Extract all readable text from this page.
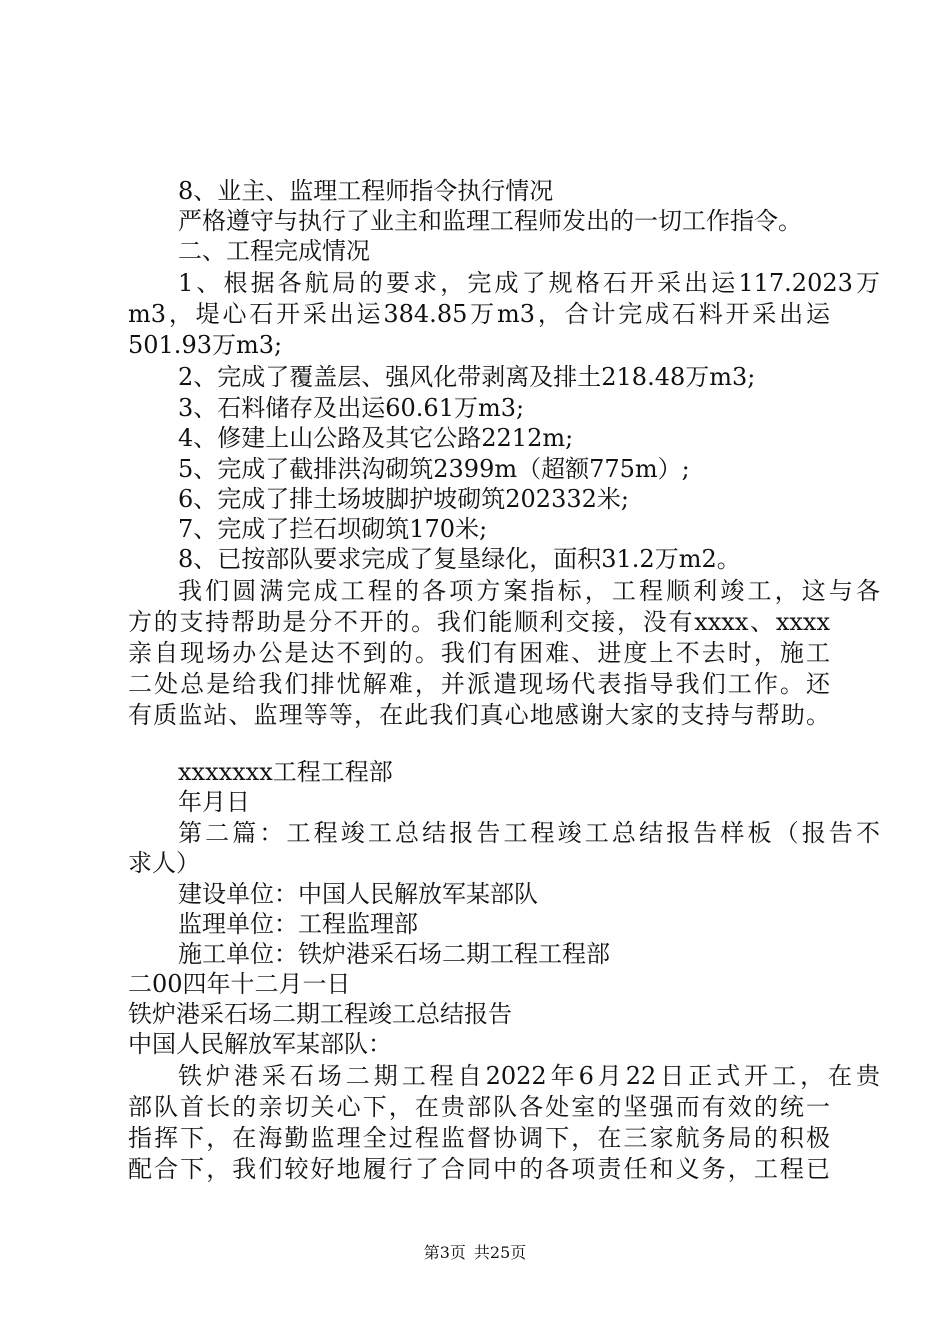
8、业主、监理工程师指令执行情况
严格遵守与执行了业主和监理工程师发出的一切工作指令。
二、工程完成情况
1、根据各航局的要求，完成了规格石开采出运117.2023万
m3，堤心石开采出运384.85万m3，合计完成石料开采出运
501.93万m3;
2、完成了覆盖层、强风化带剥离及排土218.48万m3;
3、石料储存及出运60.61万m3;
4、修建上山公路及其它公路2212m;
5、完成了截排洪沟砌筑2399m（超额775m）;
6、完成了排土场坡脚护坡砌筑202332米;
7、完成了拦石坝砌筑170米;
8、已按部队要求完成了复垦绿化，面积31.2万m2。
我们圆满完成工程的各项方案指标，工程顺利竣工，这与各
方的支持帮助是分不开的。我们能顺利交接，没有xxxx、xxxx
亲自现场办公是达不到的。我们有困难、进度上不去时，施工
二处总是给我们排忧解难，并派遣现场代表指导我们工作。还
有质监站、监理等等，在此我们真心地感谢大家的支持与帮助。
xxxxxxx工程工程部
年月日
第二篇：工程竣工总结报告工程竣工总结报告样板（报告不
求人）
建设单位：中国人民解放军某部队
监理单位：工程监理部
施工单位：铁炉港采石场二期工程工程部
二00四年十二月一日
铁炉港采石场二期工程竣工总结报告
中国人民解放军某部队：
铁炉港采石场二期工程自2022年6月22日正式开工，在贵
部队首长的亲切关心下，在贵部队各处室的坚强而有效的统一
指挥下，在海勤监理全过程监督协调下，在三家航务局的积极
配合下，我们较好地履行了合同中的各项责任和义务，工程已
第3页 共25页
